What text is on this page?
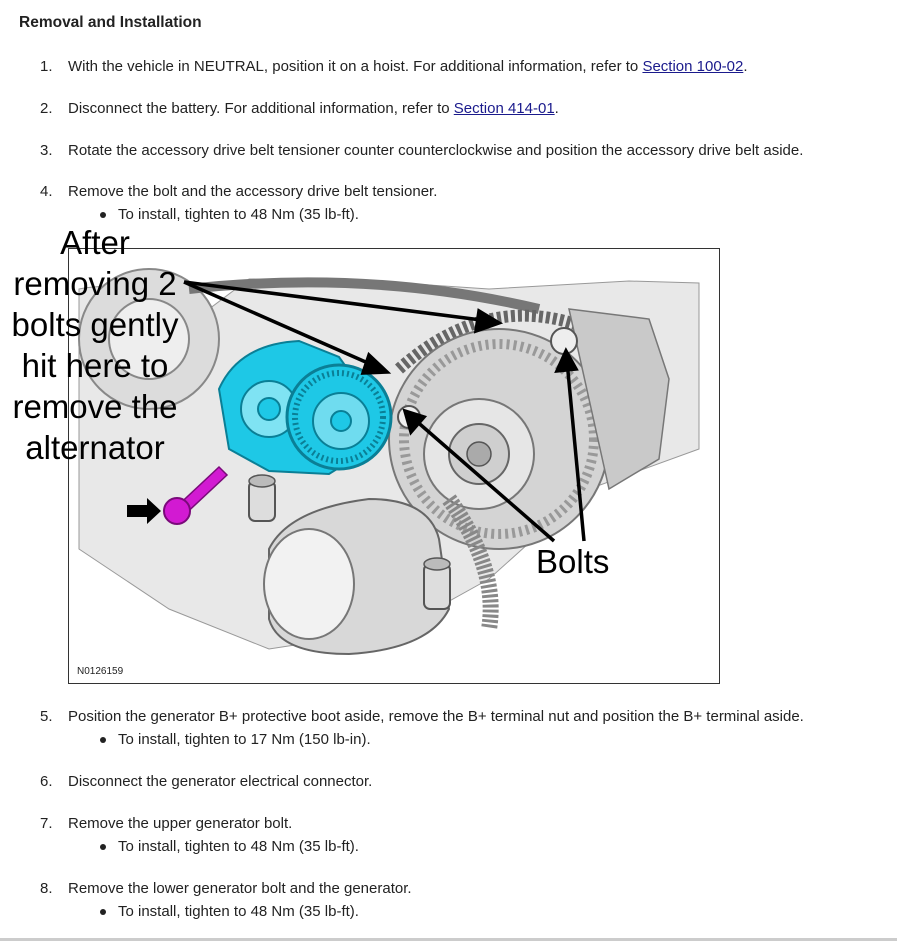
Removal and Installation
1. With the vehicle in NEUTRAL, position it on a hoist. For additional information, refer to Section 100-02.
2. Disconnect the battery. For additional information, refer to Section 414-01.
3. Rotate the accessory drive belt tensioner counter counterclockwise and position the accessory drive belt aside.
4. Remove the bolt and the accessory drive belt tensioner.
To install, tighten to 48 Nm (35 lb-ft).
N0126159
After
removing 2
bolts gently
hit here to
remove the
alternator
Bolts
5. Position the generator B+ protective boot aside, remove the B+ terminal nut and position the B+ terminal aside.
To install, tighten to 17 Nm (150 lb-in).
6. Disconnect the generator electrical connector.
7. Remove the upper generator bolt.
To install, tighten to 48 Nm (35 lb-ft).
8. Remove the lower generator bolt and the generator.
To install, tighten to 48 Nm (35 lb-ft).
